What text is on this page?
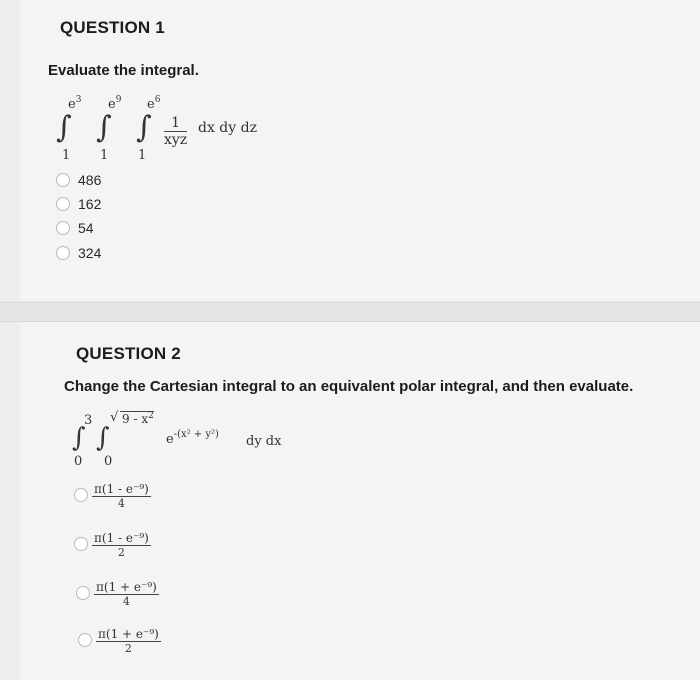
QUESTION 1
Evaluate the integral.
$e^3$
∫
1
$e^9$
∫
1
$e^6$
∫
1
1
xyz
dx dy dz
486
162
54
324
QUESTION 2
Change the Cartesian integral to an equivalent polar integral, and then evaluate.
3
∫
0
∫
√ $9 - x^2$
0
$e^{-(x^2 + y^2)}$ dy dx
$\frac{\text{π(1 - e⁻⁹)}}{4}$
$\frac{\text{π(1 - e⁻⁹)}}{2}$
$\frac{\text{π(1 + e⁻⁹)}}{4}$
$\frac{\text{π(1 + e⁻⁹)}}{2}$
